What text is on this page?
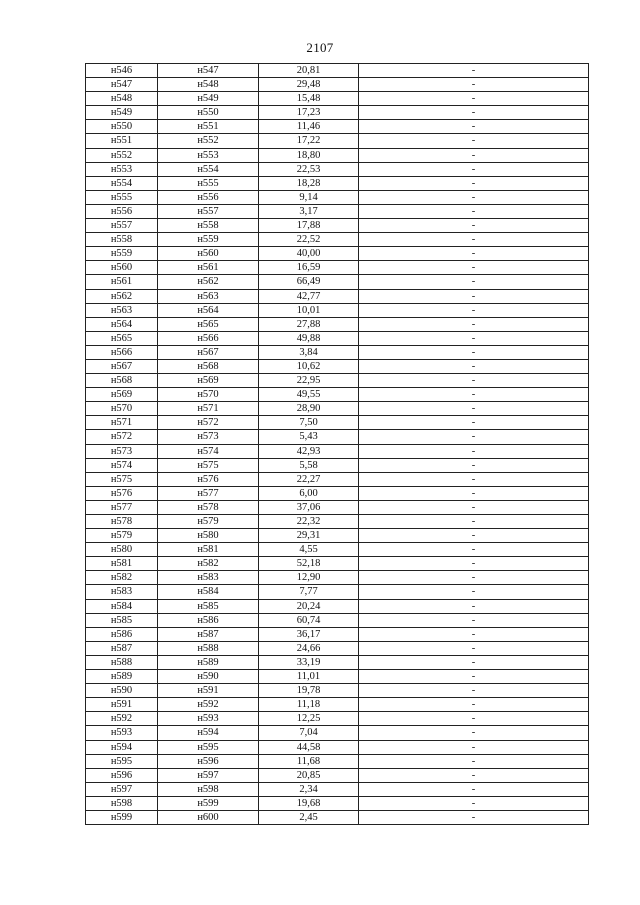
2107
н546	н547	20,81	-
н547	н548	29,48	-
н548	н549	15,48	-
н549	н550	17,23	-
н550	н551	11,46	-
н551	н552	17,22	-
н552	н553	18,80	-
н553	н554	22,53	-
н554	н555	18,28	-
н555	н556	9,14	-
н556	н557	3,17	-
н557	н558	17,88	-
н558	н559	22,52	-
н559	н560	40,00	-
н560	н561	16,59	-
н561	н562	66,49	-
н562	н563	42,77	-
н563	н564	10,01	-
н564	н565	27,88	-
н565	н566	49,88	-
н566	н567	3,84	-
н567	н568	10,62	-
н568	н569	22,95	-
н569	н570	49,55	-
н570	н571	28,90	-
н571	н572	7,50	-
н572	н573	5,43	-
н573	н574	42,93	-
н574	н575	5,58	-
н575	н576	22,27	-
н576	н577	6,00	-
н577	н578	37,06	-
н578	н579	22,32	-
н579	н580	29,31	-
н580	н581	4,55	-
н581	н582	52,18	-
н582	н583	12,90	-
н583	н584	7,77	-
н584	н585	20,24	-
н585	н586	60,74	-
н586	н587	36,17	-
н587	н588	24,66	-
н588	н589	33,19	-
н589	н590	11,01	-
н590	н591	19,78	-
н591	н592	11,18	-
н592	н593	12,25	-
н593	н594	7,04	-
н594	н595	44,58	-
н595	н596	11,68	-
н596	н597	20,85	-
н597	н598	2,34	-
н598	н599	19,68	-
н599	н600	2,45	-
